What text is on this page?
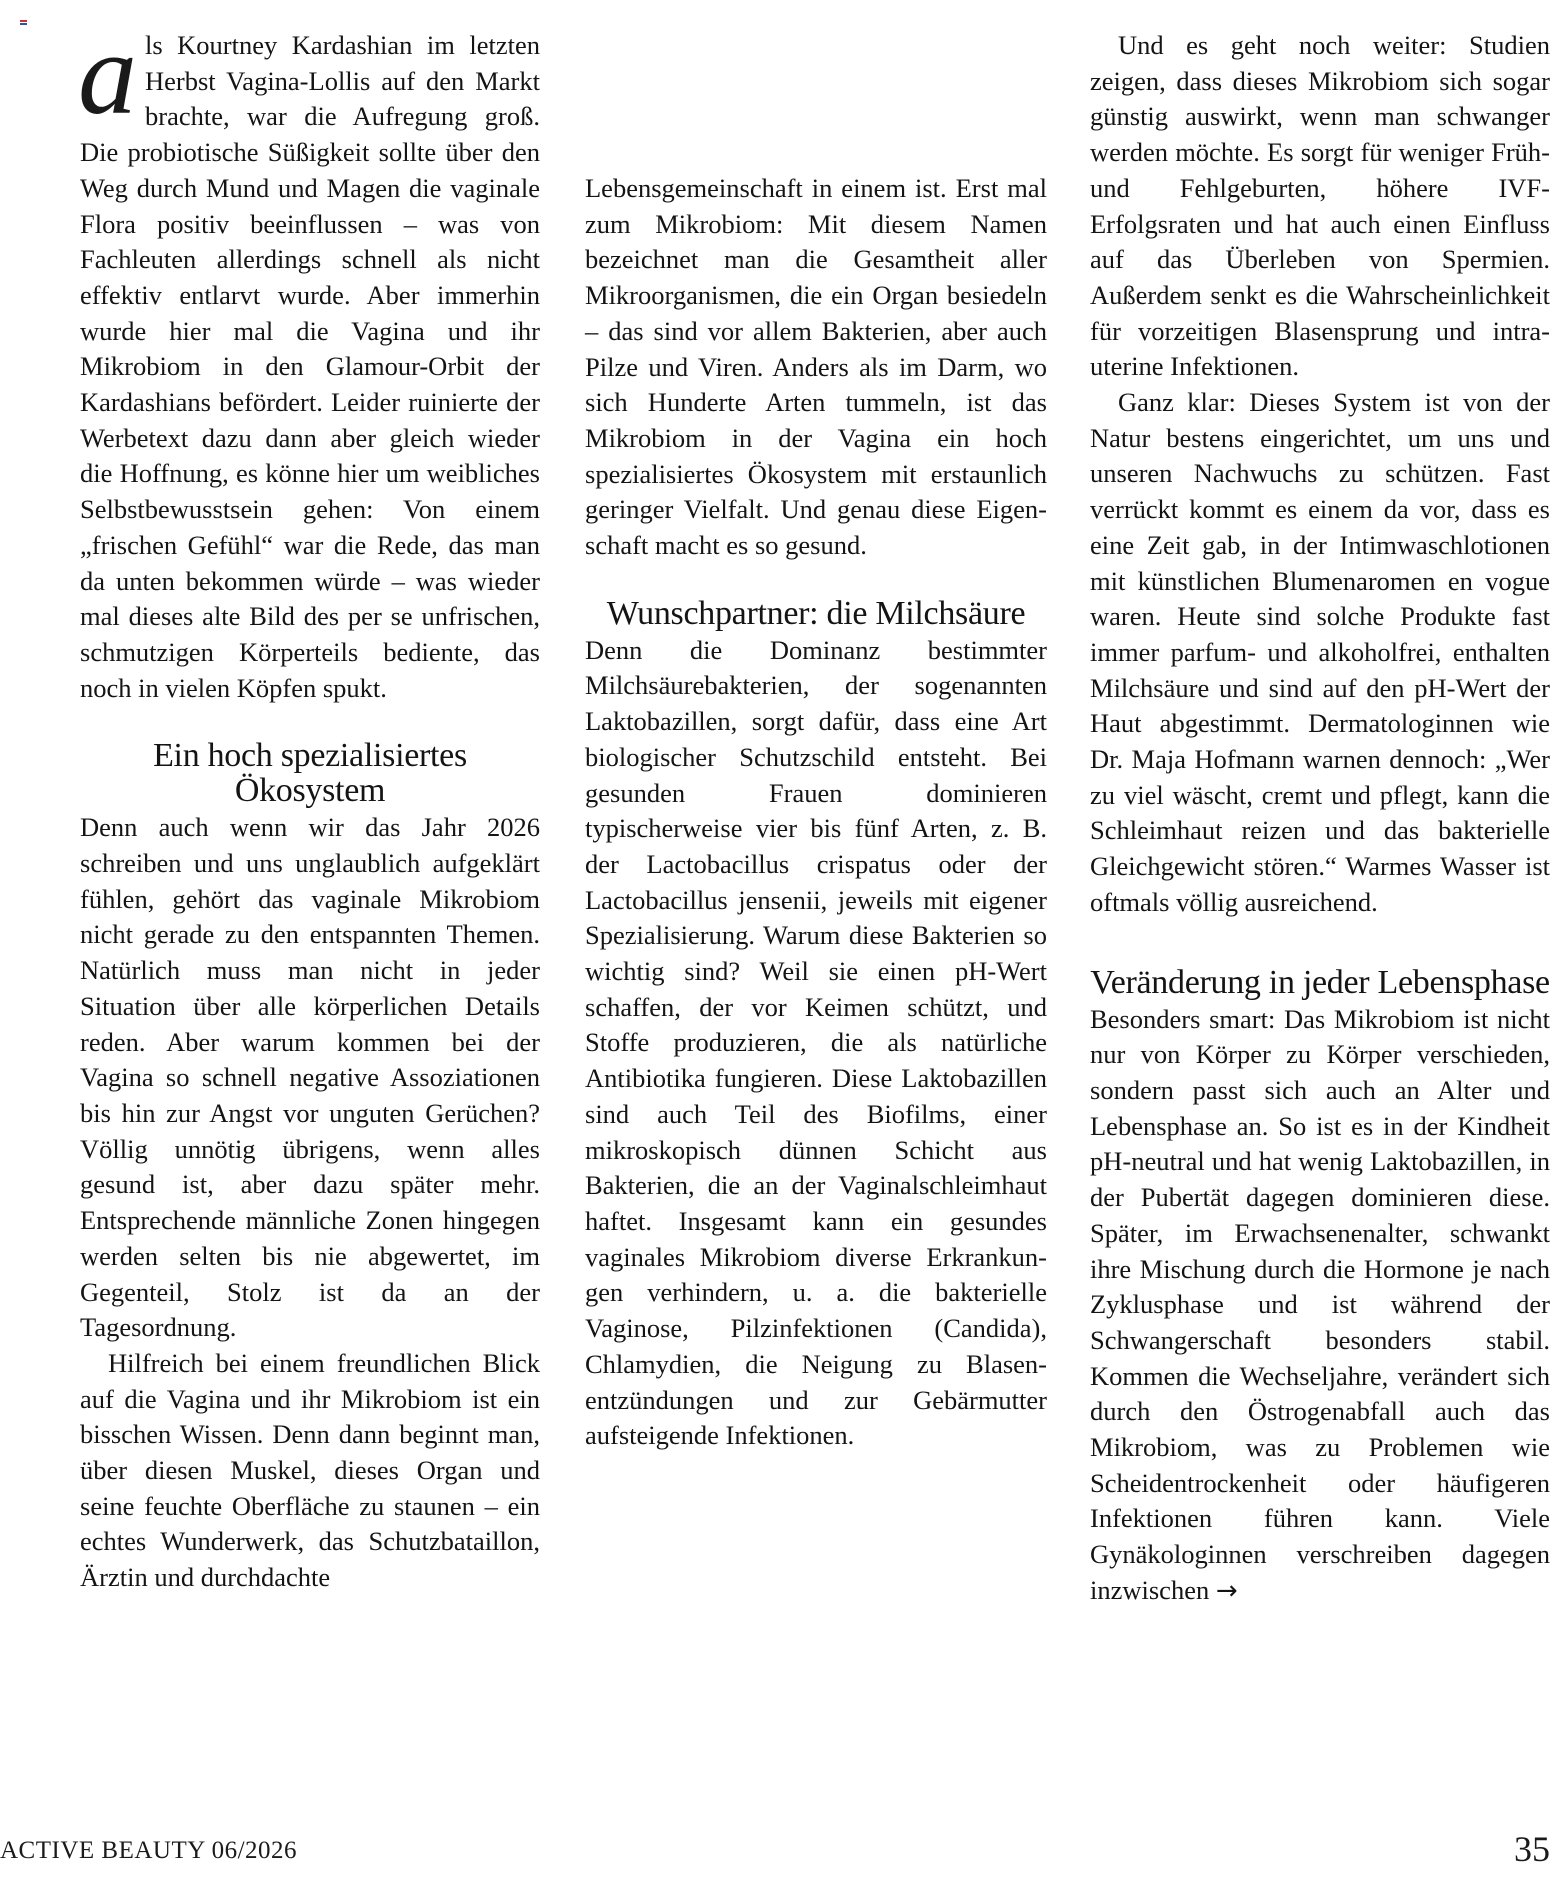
als Kourtney Kardashian im letzten Herbst Vagina-Lollis auf den Markt brachte, war die Aufregung groß. Die probiotische Süßigkeit sollte über den Weg durch Mund und Magen die vaginale Flora positiv beeinflussen – was von Fachleuten allerdings schnell als nicht effektiv entlarvt wurde. Aber immerhin wurde hier mal die Vagina und ihr Mikrobiom in den Glamour-Orbit der Kardashians befördert. Leider ruinierte der Werbetext dazu dann aber gleich wieder die Hoffnung, es könne hier um weibliches Selbstbewusstsein gehen: Von einem „frischen Gefühl“ war die Rede, das man da unten bekommen würde – was wieder mal dieses alte Bild des per se unfrischen, schmutzigen Körperteils bediente, das noch in vielen Köpfen spukt.

Ein hoch spezialisiertes Ökosystem

Denn auch wenn wir das Jahr 2026 schreiben und uns unglaublich aufgeklärt fühlen, gehört das vaginale Mikrobiom nicht gerade zu den entspannten Themen. Natürlich muss man nicht in jeder Situation über alle körperlichen Details reden. Aber warum kommen bei der Vagina so schnell negative Assoziationen bis hin zur Angst vor unguten Gerüchen? Völlig unnötig übrigens, wenn alles gesund ist, aber dazu später mehr. Entsprechende männliche Zonen hingegen werden selten bis nie abgewertet, im Gegenteil, Stolz ist da an der Tagesordnung.

Hilfreich bei einem freundlichen Blick auf die Vagina und ihr Mikrobiom ist ein bisschen Wissen. Denn dann beginnt man, über diesen Muskel, dieses Organ und seine feuchte Oberfläche zu staunen – ein echtes Wunderwerk, das Schutzbataillon, Ärztin und durchdachte

Lebensgemeinschaft in einem ist. Erst mal zum Mikrobiom: Mit diesem Namen bezeichnet man die Gesamtheit aller Mikroorganismen, die ein Organ besiedeln – das sind vor allem Bakterien, aber auch Pilze und Viren. Anders als im Darm, wo sich Hunderte Arten tummeln, ist das Mikrobiom in der Vagina ein hoch spezialisiertes Ökosystem mit erstaunlich geringer Vielfalt. Und genau diese Eigenschaft macht es so gesund.

Wunschpartner: die Milchsäure

Denn die Dominanz bestimmter Milchsäurebakterien, der sogenannten Laktobazillen, sorgt dafür, dass eine Art biologischer Schutzschild entsteht. Bei gesunden Frauen dominieren typischerweise vier bis fünf Arten, z. B. der Lactobacillus crispatus oder der Lactobacillus jensenii, jeweils mit eigener Spezialisierung. Warum diese Bakterien so wichtig sind? Weil sie einen pH-Wert schaffen, der vor Keimen schützt, und Stoffe produzieren, die als natürliche Antibiotika fungieren. Diese Laktobazillen sind auch Teil des Biofilms, einer mikroskopisch dünnen Schicht aus Bakterien, die an der Vaginalschleimhaut haftet. Insgesamt kann ein gesundes vaginales Mikrobiom diverse Erkrankungen verhindern, u. a. die bakterielle Vaginose, Pilzinfektionen (Candida), Chlamydien, die Neigung zu Blasenentzündungen und zur Gebärmutter aufsteigende Infektionen.

Und es geht noch weiter: Studien zeigen, dass dieses Mikrobiom sich sogar günstig auswirkt, wenn man schwanger werden möchte. Es sorgt für weniger Früh- und Fehlgeburten, höhere IVF-Erfolgsraten und hat auch einen Einfluss auf das Überleben von Spermien. Außerdem senkt es die Wahrscheinlichkeit für vorzeitigen Blasensprung und intrauterine Infektionen.

Ganz klar: Dieses System ist von der Natur bestens eingerichtet, um uns und unseren Nachwuchs zu schützen. Fast verrückt kommt es einem da vor, dass es eine Zeit gab, in der Intimwaschlotionen mit künstlichen Blumenaromen en vogue waren. Heute sind solche Produkte fast immer parfum- und alkoholfrei, enthalten Milchsäure und sind auf den pH-Wert der Haut abgestimmt. Dermatologinnen wie Dr. Maja Hofmann warnen dennoch: „Wer zu viel wäscht, cremt und pflegt, kann die Schleimhaut reizen und das bakterielle Gleichgewicht stören.“ Warmes Wasser ist oftmals völlig ausreichend.

Veränderung in jeder Lebensphase

Besonders smart: Das Mikrobiom ist nicht nur von Körper zu Körper verschieden, sondern passt sich auch an Alter und Lebensphase an. So ist es in der Kindheit pH-neutral und hat wenig Laktobazillen, in der Pubertät dagegen dominieren diese. Später, im Erwachsenenalter, schwankt ihre Mischung durch die Hormone je nach Zyklusphase und ist während der Schwangerschaft besonders stabil. Kommen die Wechseljahre, verändert sich durch den Östrogenabfall auch das Mikrobiom, was zu Problemen wie Scheidentrockenheit oder häufigeren Infektionen führen kann. Viele Gynäkologinnen verschreiben dagegen inzwischen →

ACTIVE BEAUTY 06/2026	35
